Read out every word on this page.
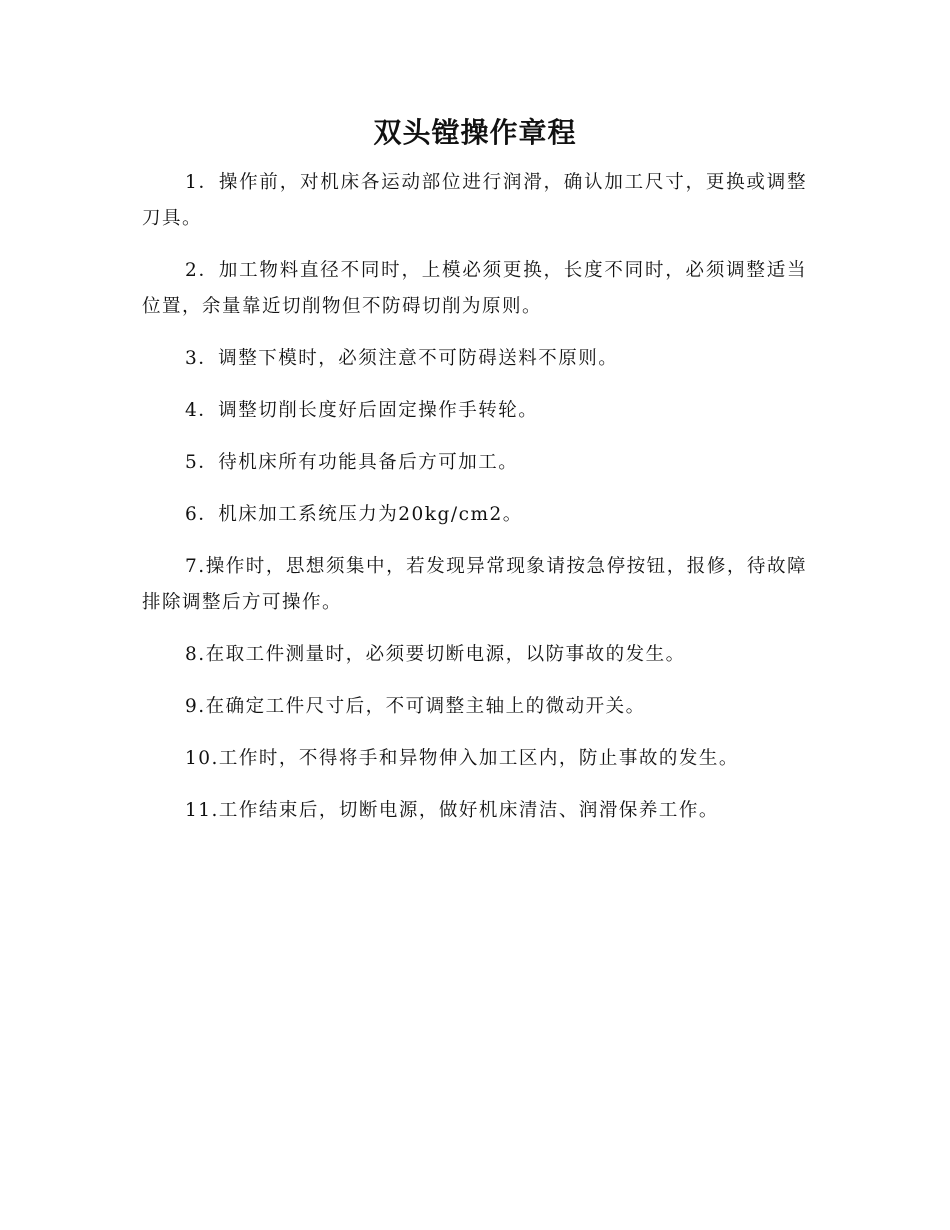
双头镗操作章程

1．操作前，对机床各运动部位进行润滑，确认加工尺寸，更换或调整刀具。

2．加工物料直径不同时，上模必须更换，长度不同时，必须调整适当位置，余量靠近切削物但不防碍切削为原则。

3．调整下模时，必须注意不可防碍送料不原则。

4．调整切削长度好后固定操作手转轮。

5．待机床所有功能具备后方可加工。

6．机床加工系统压力为20kg/cm2。

7.操作时，思想须集中，若发现异常现象请按急停按钮，报修，待故障排除调整后方可操作。

8.在取工件测量时，必须要切断电源，以防事故的发生。

9.在确定工件尺寸后，不可调整主轴上的微动开关。

10.工作时，不得将手和异物伸入加工区内，防止事故的发生。

11.工作结束后，切断电源，做好机床清洁、润滑保养工作。
